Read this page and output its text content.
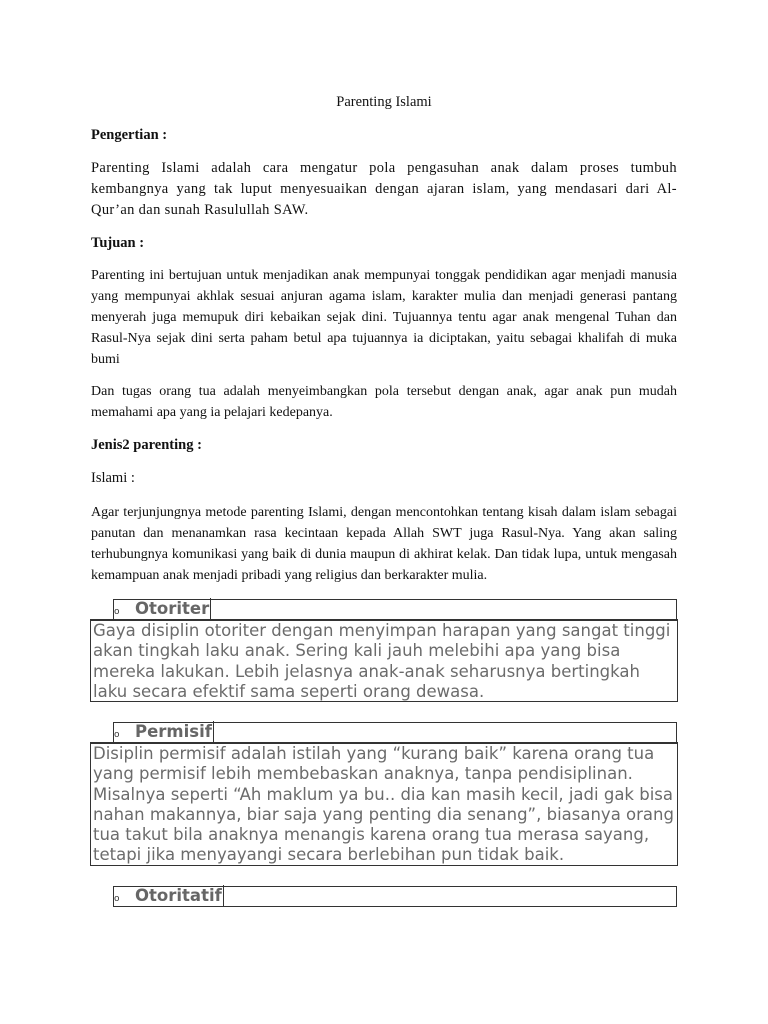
Parenting Islami
Pengertian :

Parenting Islami adalah cara mengatur pola pengasuhan anak dalam proses tumbuh kembangnya yang tak luput menyesuaikan dengan ajaran islam, yang mendasari dari Al-Qur’an dan sunah Rasulullah SAW.

Tujuan :

Parenting ini bertujuan untuk menjadikan anak mempunyai tonggak pendidikan agar menjadi manusia yang mempunyai akhlak sesuai anjuran agama islam, karakter mulia dan menjadi generasi pantang menyerah juga memupuk diri kebaikan sejak dini. Tujuannya tentu agar anak mengenal Tuhan dan Rasul-Nya sejak dini serta paham betul apa tujuannya ia diciptakan, yaitu sebagai khalifah di muka bumi

Dan tugas orang tua adalah menyeimbangkan pola tersebut dengan anak, agar anak pun mudah memahami apa yang ia pelajari kedepanya.

Jenis2 parenting :
Islami :

Agar terjunjungnya metode parenting Islami, dengan mencontohkan tentang kisah dalam islam sebagai panutan dan menanamkan rasa kecintaan kepada Allah SWT juga Rasul-Nya. Yang akan saling terhubungnya komunikasi yang baik di dunia maupun di akhirat kelak. Dan tidak lupa, untuk mengasah kemampuan anak menjadi pribadi yang religius dan berkarakter mulia.

o Otoriter

Gaya disiplin otoriter dengan menyimpan harapan yang sangat tinggi akan tingkah laku anak. Sering kali jauh melebihi apa yang bisa mereka lakukan. Lebih jelasnya anak-anak seharusnya bertingkah laku secara efektif sama seperti orang dewasa.

o Permisif

Disiplin permisif adalah istilah yang “kurang baik” karena orang tua yang permisif lebih membebaskan anaknya, tanpa pendisiplinan. Misalnya seperti “Ah maklum ya bu.. dia kan masih kecil, jadi gak bisa nahan makannya, biar saja yang penting dia senang”, biasanya orang tua takut bila anaknya menangis karena orang tua merasa sayang, tetapi jika menyayangi secara berlebihan pun tidak baik.

o Otoritatif
